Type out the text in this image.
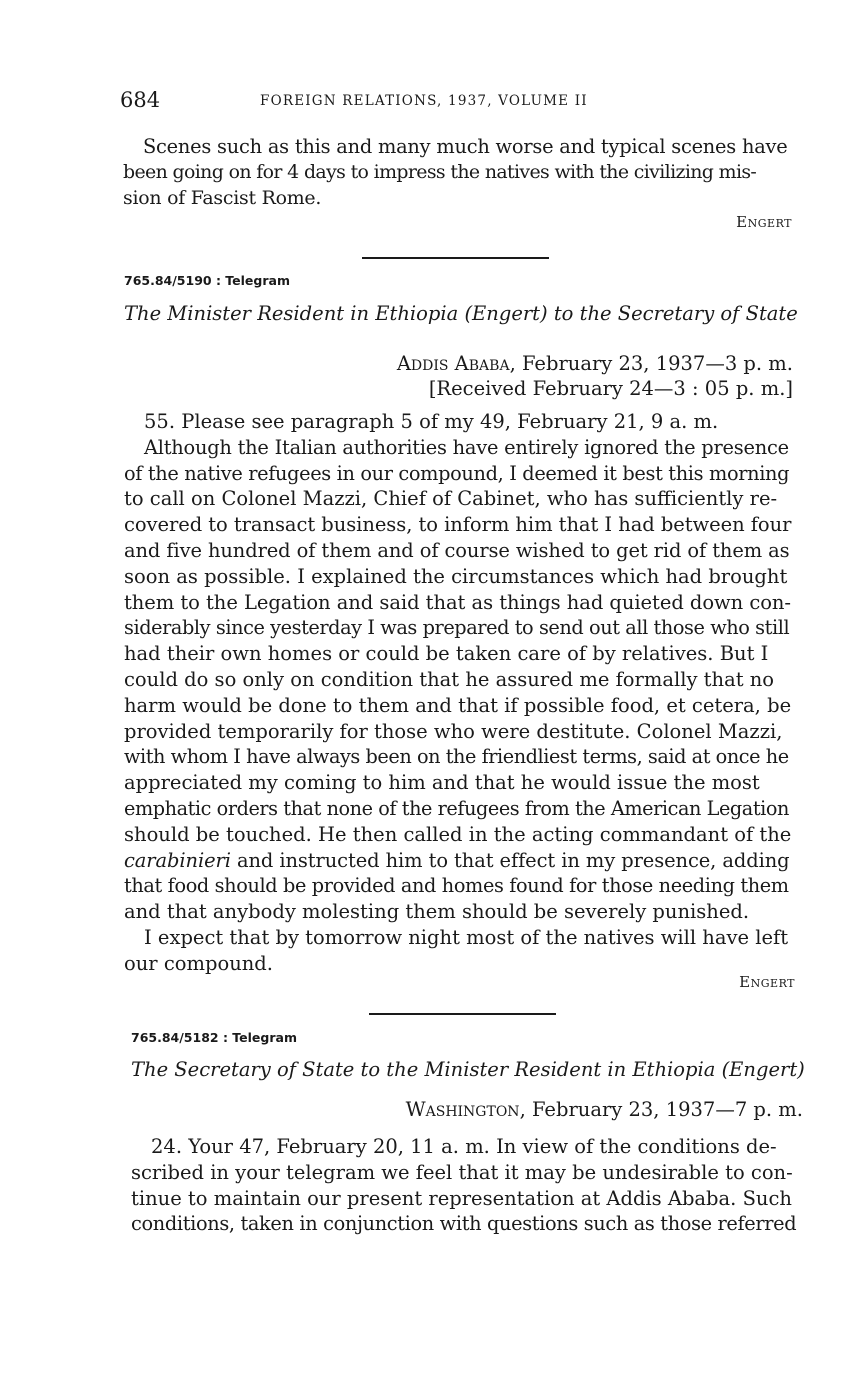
684	FOREIGN RELATIONS, 1937, VOLUME II
Scenes such as this and many much worse and typical scenes have
been going on for 4 days to impress the natives with the civilizing mis-
sion of Fascist Rome.
Engert
765.84/5190 : Telegram
The Minister Resident in Ethiopia (Engert) to the Secretary of State
Addis Ababa, February 23, 1937—3 p. m.
[Received February 24—3 : 05 p. m.]
55. Please see paragraph 5 of my 49, February 21, 9 a. m.
Although the Italian authorities have entirely ignored the presence
of the native refugees in our compound, I deemed it best this morning
to call on Colonel Mazzi, Chief of Cabinet, who has sufficiently re-
covered to transact business, to inform him that I had between four
and five hundred of them and of course wished to get rid of them as
soon as possible. I explained the circumstances which had brought
them to the Legation and said that as things had quieted down con-
siderably since yesterday I was prepared to send out all those who still
had their own homes or could be taken care of by relatives. But I
could do so only on condition that he assured me formally that no
harm would be done to them and that if possible food, et cetera, be
provided temporarily for those who were destitute. Colonel Mazzi,
with whom I have always been on the friendliest terms, said at once he
appreciated my coming to him and that he would issue the most
emphatic orders that none of the refugees from the American Legation
should be touched. He then called in the acting commandant of the
carabinieri and instructed him to that effect in my presence, adding
that food should be provided and homes found for those needing them
and that anybody molesting them should be severely punished.
I expect that by tomorrow night most of the natives will have left
our compound.
Engert
765.84/5182 : Telegram
The Secretary of State to the Minister Resident in Ethiopia (Engert)
Washington, February 23, 1937—7 p. m.
24. Your 47, February 20, 11 a. m. In view of the conditions de-
scribed in your telegram we feel that it may be undesirable to con-
tinue to maintain our present representation at Addis Ababa. Such
conditions, taken in conjunction with questions such as those referred
